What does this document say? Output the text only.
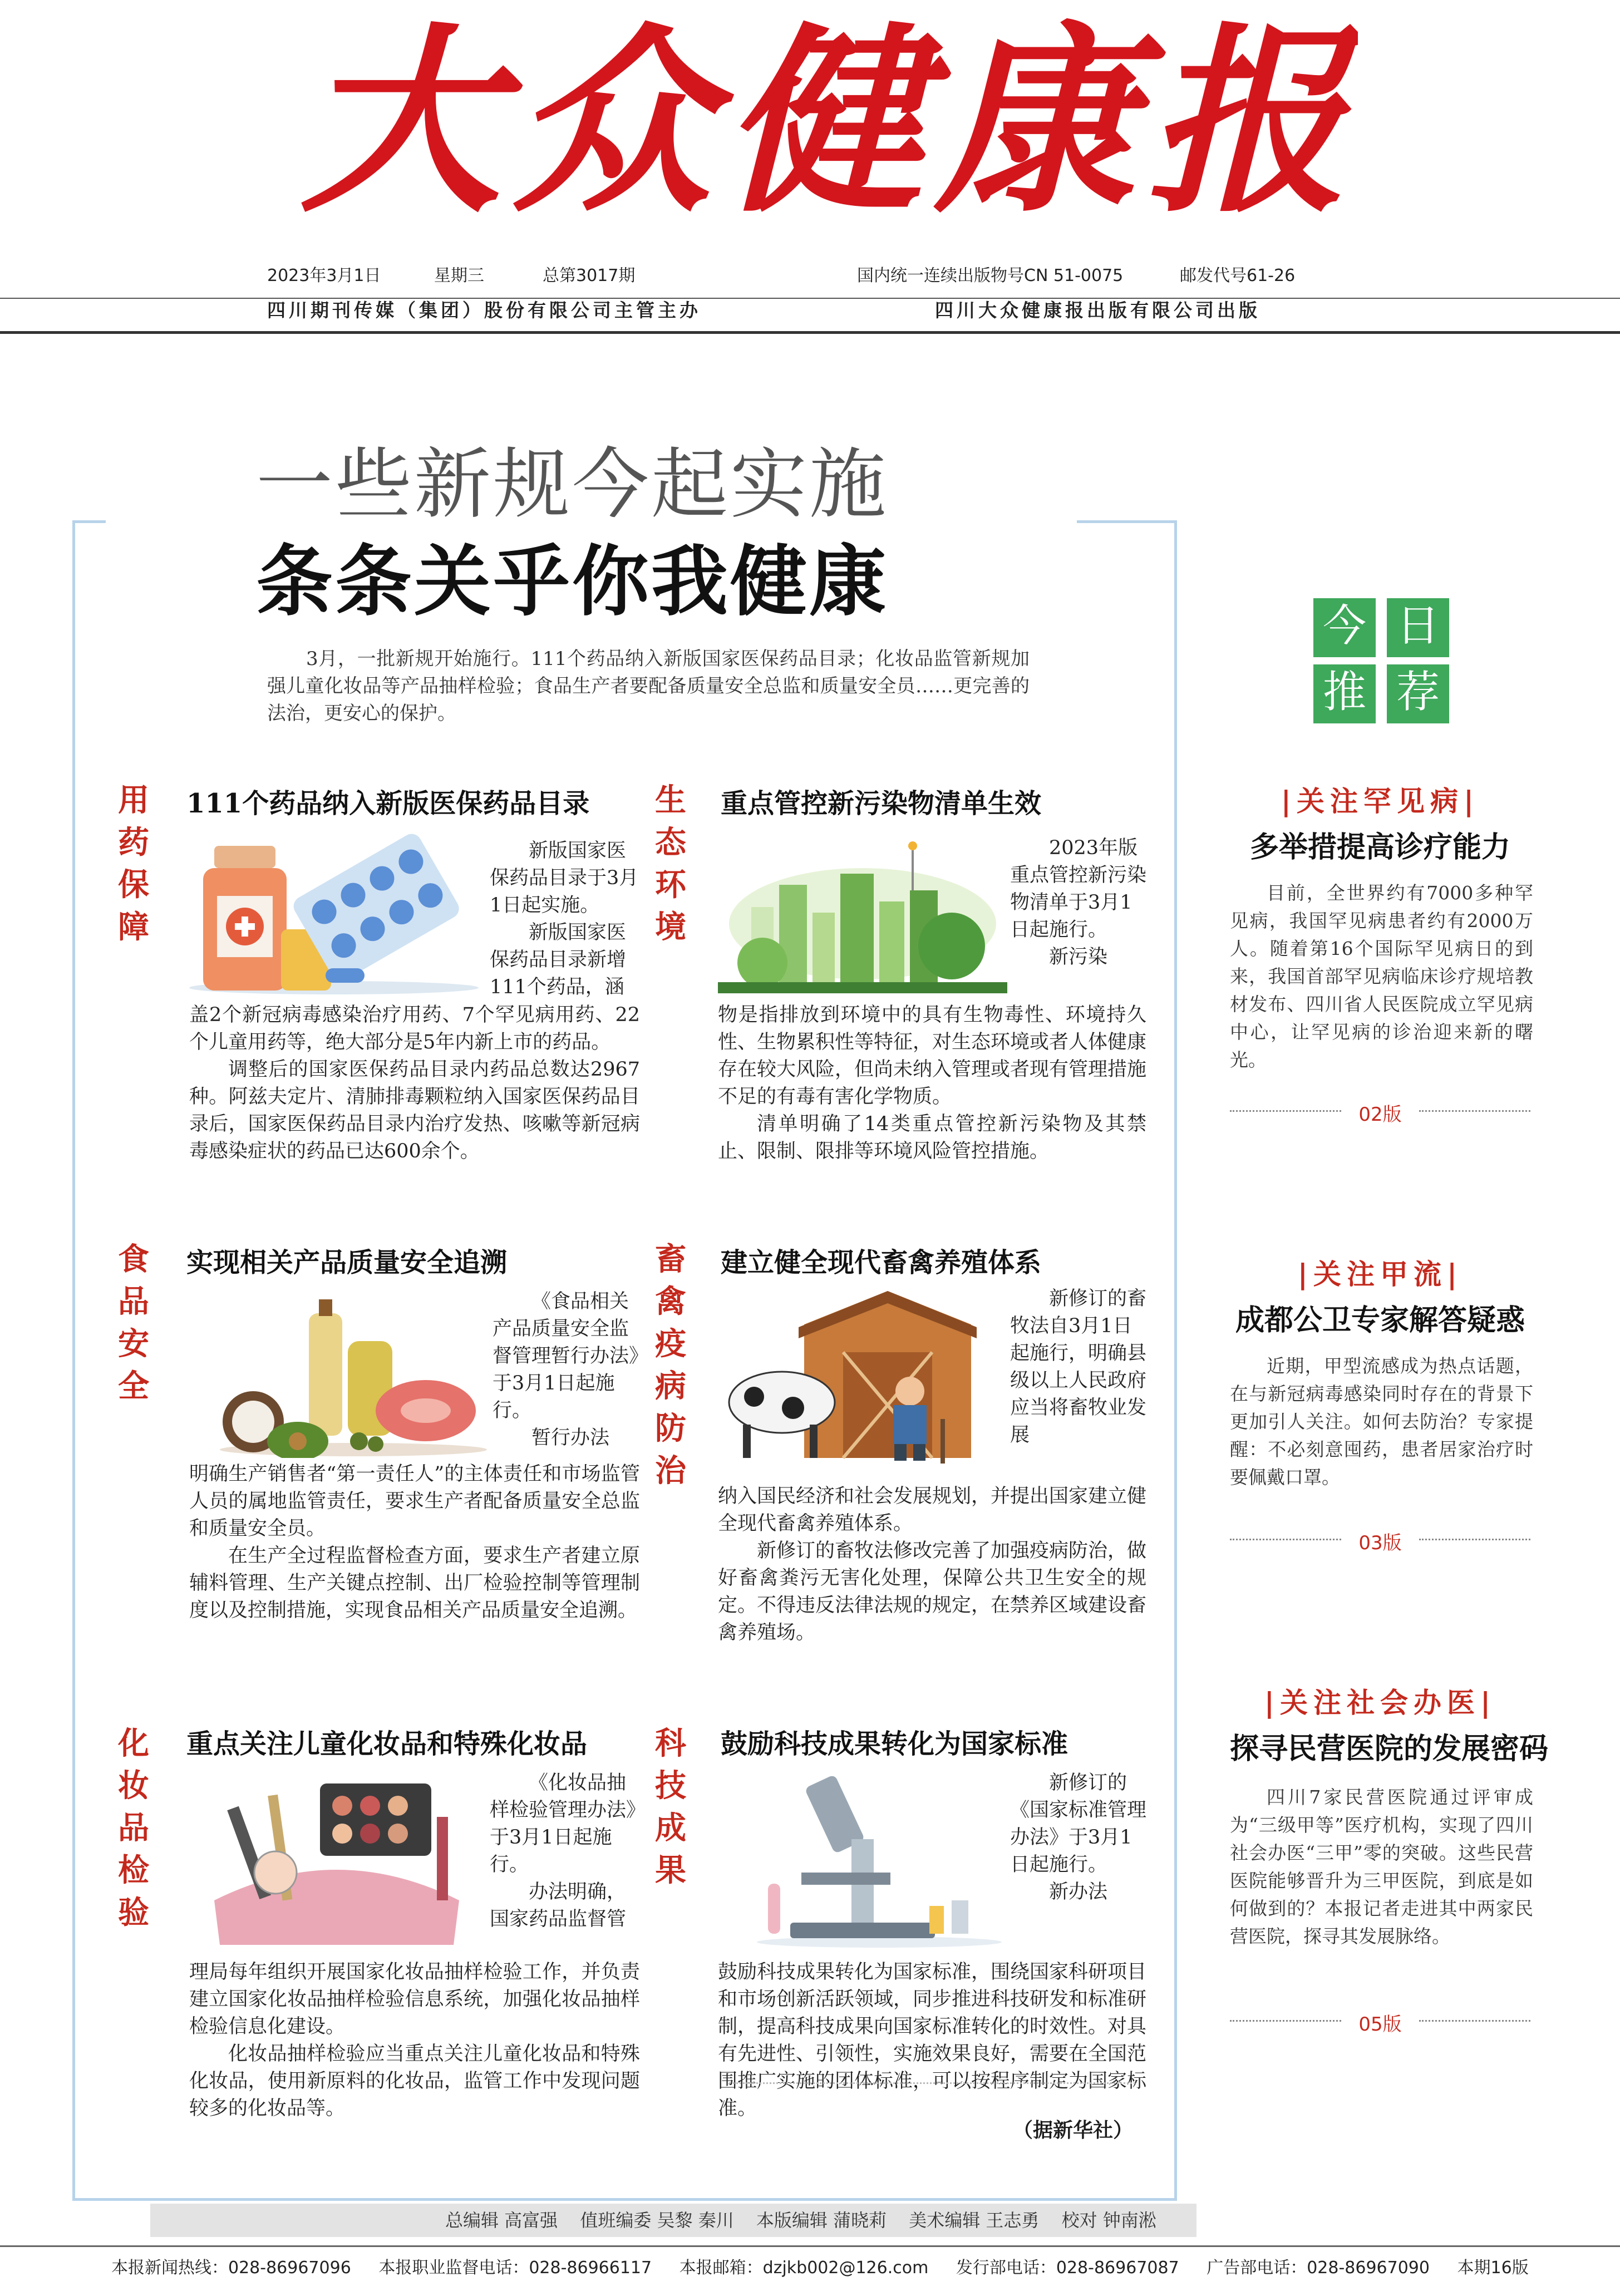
大众健康报
2023年3月1日	星期三	总第3017期	国内统一连续出版物号CN 51-0075	邮发代号61-26
四川期刊传媒（集团）股份有限公司主管主办	四川大众健康报出版有限公司出版
一些新规今起实施
条条关乎你我健康
3月，一批新规开始施行。111个药品纳入新版国家医保药品目录；化妆品监管新规加强儿童化妆品等产品抽样检验；食品生产者要配备质量安全总监和质量安全员……更完善的法治，更安心的保护。
用药保障
111个药品纳入新版医保药品目录

新版国家医保药品目录于3月1日起实施。

新版国家医保药品目录新增111个药品，涵

盖2个新冠病毒感染治疗用药、7个罕见病用药、22个儿童用药等，绝大部分是5年内新上市的药品。

调整后的国家医保药品目录内药品总数达2967种。阿兹夫定片、清肺排毒颗粒纳入国家医保药品目录后，国家医保药品目录内治疗发热、咳嗽等新冠病毒感染症状的药品已达600余个。

生态环境
重点管控新污染物清单生效

2023年版重点管控新污染物清单于3月1日起施行。

新污染

物是指排放到环境中的具有生物毒性、环境持久性、生物累积性等特征，对生态环境或者人体健康存在较大风险，但尚未纳入管理或者现有管理措施不足的有毒有害化学物质。

清单明确了14类重点管控新污染物及其禁止、限制、限排等环境风险管控措施。

食品安全
实现相关产品质量安全追溯

《食品相关产品质量安全监督管理暂行办法》于3月1日起施行。

暂行办法

明确生产销售者“第一责任人”的主体责任和市场监管人员的属地监管责任，要求生产者配备质量安全总监和质量安全员。

在生产全过程监督检查方面，要求生产者建立原辅料管理、生产关键点控制、出厂检验控制等管理制度以及控制措施，实现食品相关产品质量安全追溯。

畜禽疫病防治
建立健全现代畜禽养殖体系

新修订的畜牧法自3月1日起施行，明确县级以上人民政府应当将畜牧业发展

纳入国民经济和社会发展规划，并提出国家建立健全现代畜禽养殖体系。

新修订的畜牧法修改完善了加强疫病防治，做好畜禽粪污无害化处理，保障公共卫生安全的规定。不得违反法律法规的规定，在禁养区域建设畜禽养殖场。

化妆品检验
重点关注儿童化妆品和特殊化妆品

《化妆品抽样检验管理办法》于3月1日起施行。

办法明确，国家药品监督管

理局每年组织开展国家化妆品抽样检验工作，并负责建立国家化妆品抽样检验信息系统，加强化妆品抽样检验信息化建设。

化妆品抽样检验应当重点关注儿童化妆品和特殊化妆品，使用新原料的化妆品，监管工作中发现问题较多的化妆品等。

科技成果
鼓励科技成果转化为国家标准

新修订的《国家标准管理办法》于3月1日起施行。

新办法

鼓励科技成果转化为国家标准，围绕国家科研项目和市场创新活跃领域，同步推进科技研发和标准研制，提高科技成果向国家标准转化的时效性。对具有先进性、引领性，实施效果良好，需要在全国范围推广实施的团体标准，可以按程序制定为国家标准。

（据新华社）
今 日
推 荐
|关注罕见病|
多举措提高诊疗能力
目前，全世界约有7000多种罕见病，我国罕见病患者约有2000万人。随着第16个国际罕见病日的到来，我国首部罕见病临床诊疗规培教材发布、四川省人民医院成立罕见病中心，让罕见病的诊治迎来新的曙光。
02版
|关注甲流|
成都公卫专家解答疑惑
近期，甲型流感成为热点话题，在与新冠病毒感染同时存在的背景下更加引人关注。如何去防治？专家提醒：不必刻意囤药，患者居家治疗时要佩戴口罩。
03版
|关注社会办医|
探寻民营医院的发展密码
四川7家民营医院通过评审成为“三级甲等”医疗机构，实现了四川社会办医“三甲”零的突破。这些民营医院能够晋升为三甲医院，到底是如何做到的？本报记者走进其中两家民营医院，探寻其发展脉络。
05版
总编辑 高富强 值班编委 吴黎 秦川 本版编辑 蒲晓莉 美术编辑 王志勇 校对 钟南淞
本报新闻热线：028-86967096 本报职业监督电话：028-86966117 本报邮箱：dzjkb002@126.com 发行部电话：028-86967087 广告部电话：028-86967090 本期16版
